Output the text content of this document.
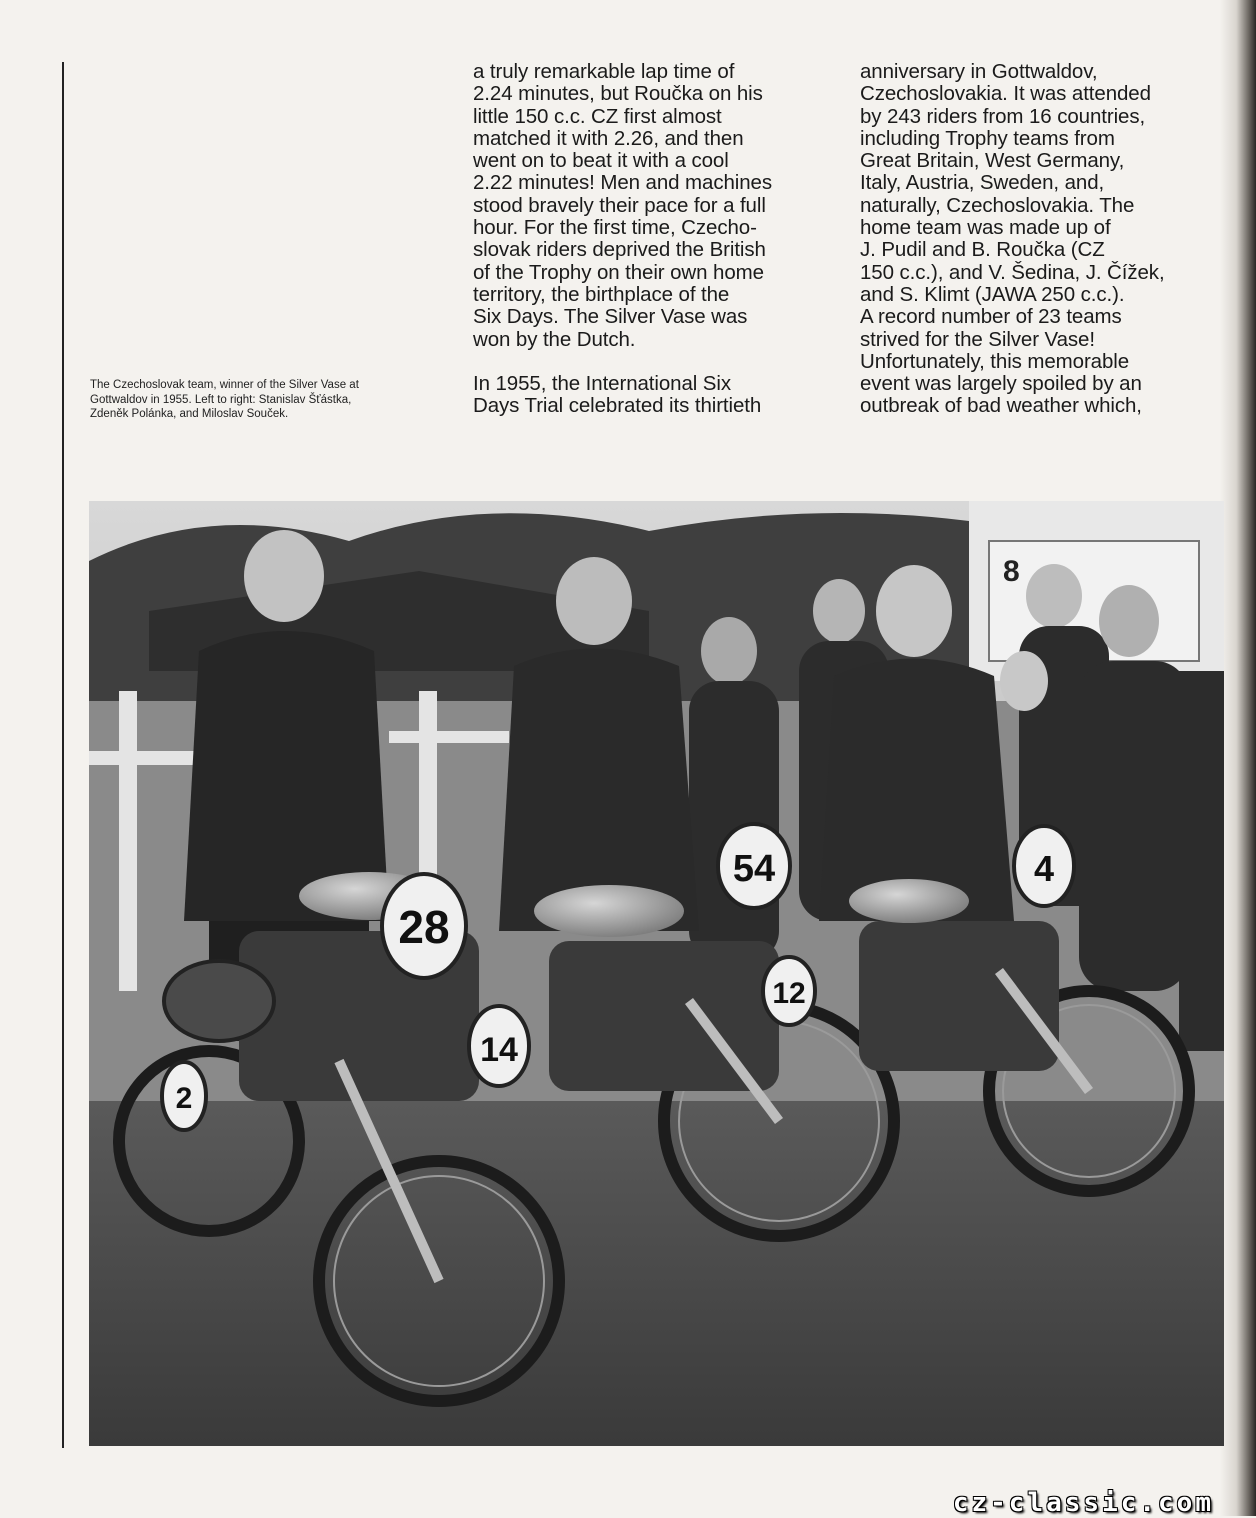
The Czechoslovak team, winner of the Silver Vase at
Gottwaldov in 1955. Left to right: Stanislav Šťástka,
Zdeněk Polánka, and Miloslav Souček.

a truly remarkable lap time of
2.24 minutes, but Roučka on his
little 150 c.c. CZ first almost
matched it with 2.26, and then
went on to beat it with a cool
2.22 minutes! Men and machines
stood bravely their pace for a full
hour. For the first time, Czecho-
slovak riders deprived the British
of the Trophy on their own home
territory, the birthplace of the
Six Days. The Silver Vase was
won by the Dutch.

In 1955, the International Six
Days Trial celebrated its thirtieth

anniversary in Gottwaldov,
Czechoslovakia. It was attended
by 243 riders from 16 countries,
including Trophy teams from
Great Britain, West Germany,
Italy, Austria, Sweden, and,
naturally, Czechoslovakia. The
home team was made up of
J. Pudil and B. Roučka (CZ
150 c.c.), and V. Šedina, J. Čížek,
and S. Klimt (JAWA 250 c.c.).
A record number of 23 teams
strived for the Silver Vase!
Unfortunately, this memorable
event was largely spoiled by an
outbreak of bad weather which,

8
28
54	4
14
12
2
cz-classic.com
